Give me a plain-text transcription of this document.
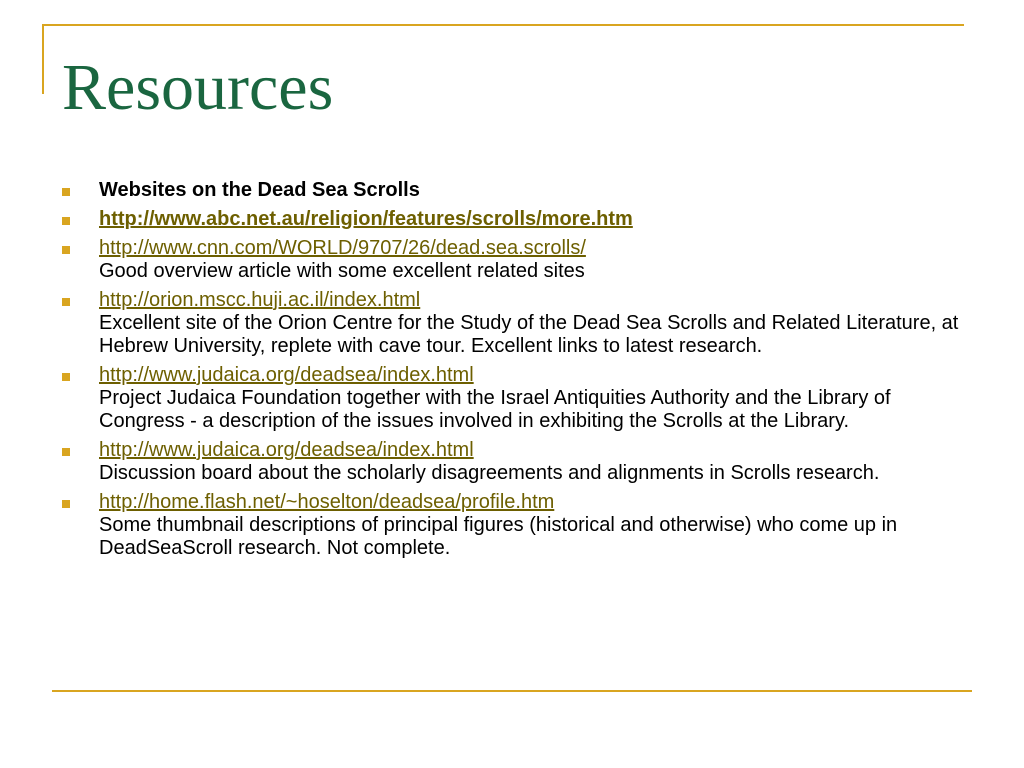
Resources
Websites on the Dead Sea Scrolls
http://www.abc.net.au/religion/features/scrolls/more.htm
http://www.cnn.com/WORLD/9707/26/dead.sea.scrolls/
Good overview article with some excellent related sites
http://orion.mscc.huji.ac.il/index.html
Excellent site of the Orion Centre for the Study of the Dead Sea Scrolls and Related Literature, at Hebrew University, replete with cave tour. Excellent links to latest research.
http://www.judaica.org/deadsea/index.html
Project Judaica Foundation together with the Israel Antiquities Authority and the Library of Congress - a description of the issues involved in exhibiting the Scrolls at the Library.
http://www.judaica.org/deadsea/index.html
Discussion board about the scholarly disagreements and alignments in Scrolls research.
http://home.flash.net/~hoselton/deadsea/profile.htm
Some thumbnail descriptions of principal figures (historical and otherwise) who come up in DeadSeaScroll research. Not complete.
